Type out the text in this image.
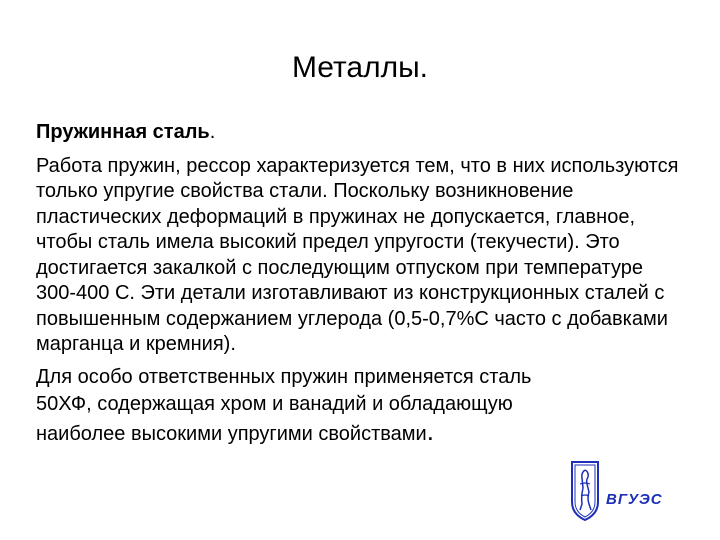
Металлы.

Пружинная сталь.

Работа пружин, рессор характеризуется тем, что в них используются только упругие свойства стали. Поскольку возникновение пластических деформаций в пружинах не допускается, главное, чтобы сталь имела высокий предел упругости (текучести). Это достигается закалкой с последующим отпуском при температуре 300-400 С. Эти детали изготавливают из конструкционных сталей с повышенным содержанием углерода (0,5-0,7%С часто с добавками марганца и кремния).

Для особо ответственных пружин применяется сталь
50ХФ, содержащая хром и ванадий и обладающую
наиболее высокими упругими свойствами.

ВГУЭС
